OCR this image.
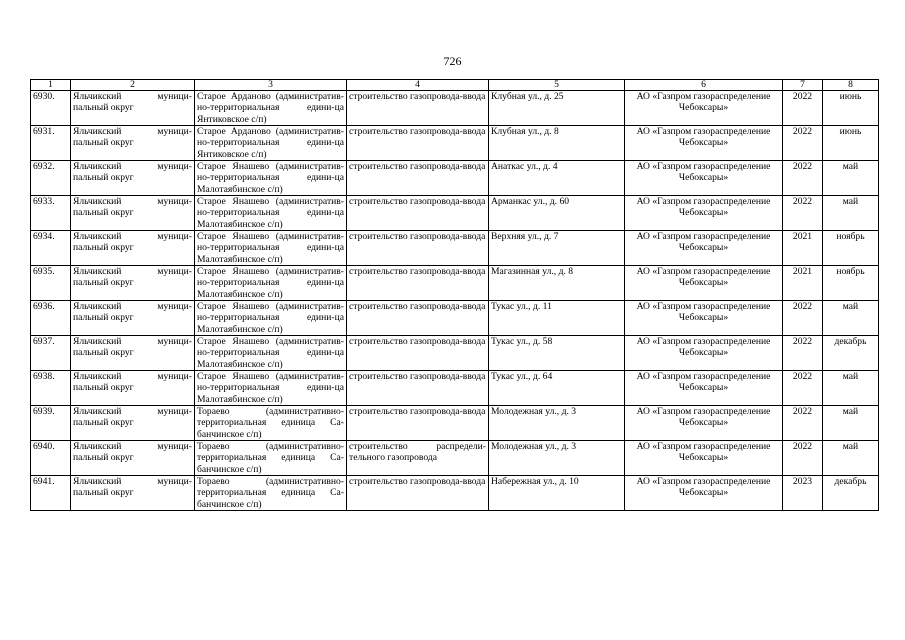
726
1	2	3	4	5	6	7	8
6930.	Яльчикский муници-пальный округ	Старое Арданово (административ-но-территориальная едини-ца Янтиковское с/п)	строительство газопровода-ввода	Клубная ул., д. 25	АО «Газпром газораспределение Чебоксары»	2022	июнь
6931.	Яльчикский муници-пальный округ	Старое Арданово (административ-но-территориальная едини-ца Янтиковское с/п)	строительство газопровода-ввода	Клубная ул., д. 8	АО «Газпром газораспределение Чебоксары»	2022	июнь
6932.	Яльчикский муници-пальный округ	Старое Янашево (административ-но-территориальная едини-ца Малотаябинское с/п)	строительство газопровода-ввода	Анаткас ул., д. 4	АО «Газпром газораспределение Чебоксары»	2022	май
6933.	Яльчикский муници-пальный округ	Старое Янашево (административ-но-территориальная едини-ца Малотаябинское с/п)	строительство газопровода-ввода	Арманкас ул., д. 60	АО «Газпром газораспределение Чебоксары»	2022	май
6934.	Яльчикский муници-пальный округ	Старое Янашево (административ-но-территориальная едини-ца Малотаябинское с/п)	строительство газопровода-ввода	Верхняя ул., д. 7	АО «Газпром газораспределение Чебоксары»	2021	ноябрь
6935.	Яльчикский муници-пальный округ	Старое Янашево (административ-но-территориальная едини-ца Малотаябинское с/п)	строительство газопровода-ввода	Магазинная ул., д. 8	АО «Газпром газораспределение Чебоксары»	2021	ноябрь
6936.	Яльчикский муници-пальный округ	Старое Янашево (административ-но-территориальная едини-ца Малотаябинское с/п)	строительство газопровода-ввода	Тукас ул., д. 11	АО «Газпром газораспределение Чебоксары»	2022	май
6937.	Яльчикский муници-пальный округ	Старое Янашево (административ-но-территориальная едини-ца Малотаябинское с/п)	строительство газопровода-ввода	Тукас ул., д. 58	АО «Газпром газораспределение Чебоксары»	2022	декабрь
6938.	Яльчикский муници-пальный округ	Старое Янашево (административ-но-территориальная едини-ца Малотаябинское с/п)	строительство газопровода-ввода	Тукас ул., д. 64	АО «Газпром газораспределение Чебоксары»	2022	май
6939.	Яльчикский муници-пальный округ	Тораево (административно-территориальная единица Са-банчинское с/п)	строительство газопровода-ввода	Молодежная ул., д. 3	АО «Газпром газораспределение Чебоксары»	2022	май
6940.	Яльчикский муници-пальный округ	Тораево (административно-территориальная единица Са-банчинское с/п)	строительство распредели-тельного газопровода	Молодежная ул., д. 3	АО «Газпром газораспределение Чебоксары»	2022	май
6941.	Яльчикский муници-пальный округ	Тораево (административно-территориальная единица Са-банчинское с/п)	строительство газопровода-ввода	Набережная ул., д. 10	АО «Газпром газораспределение Чебоксары»	2023	декабрь
